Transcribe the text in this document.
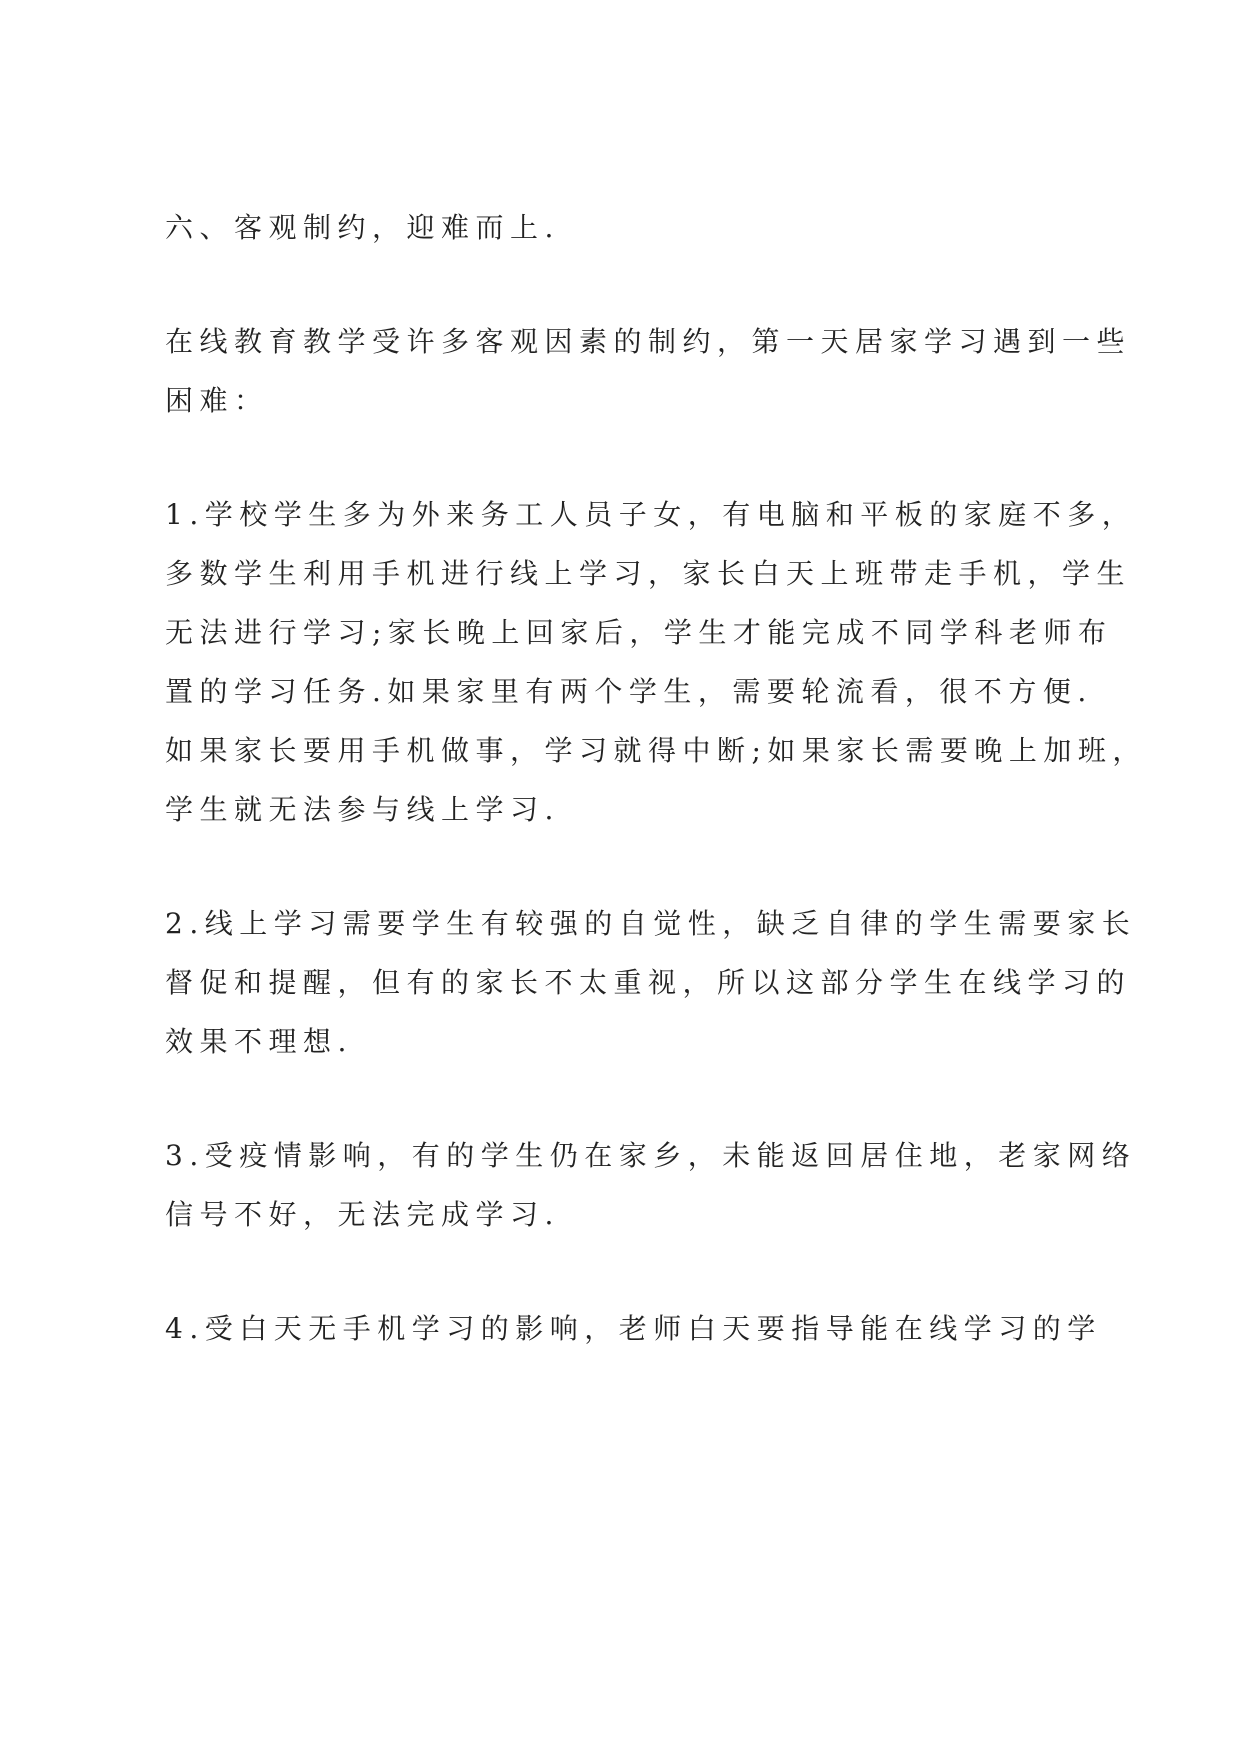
六、客观制约，迎难而上.

在线教育教学受许多客观因素的制约，第一天居家学习遇到一些

困难：

1.学校学生多为外来务工人员子女，有电脑和平板的家庭不多，

多数学生利用手机进行线上学习，家长白天上班带走手机，学生

无法进行学习;家长晚上回家后，学生才能完成不同学科老师布

置的学习任务.如果家里有两个学生，需要轮流看，很不方便.

如果家长要用手机做事，学习就得中断;如果家长需要晚上加班，

学生就无法参与线上学习.

2.线上学习需要学生有较强的自觉性，缺乏自律的学生需要家长

督促和提醒，但有的家长不太重视，所以这部分学生在线学习的

效果不理想.

3.受疫情影响，有的学生仍在家乡，未能返回居住地，老家网络

信号不好，无法完成学习.

4.受白天无手机学习的影响，老师白天要指导能在线学习的学
